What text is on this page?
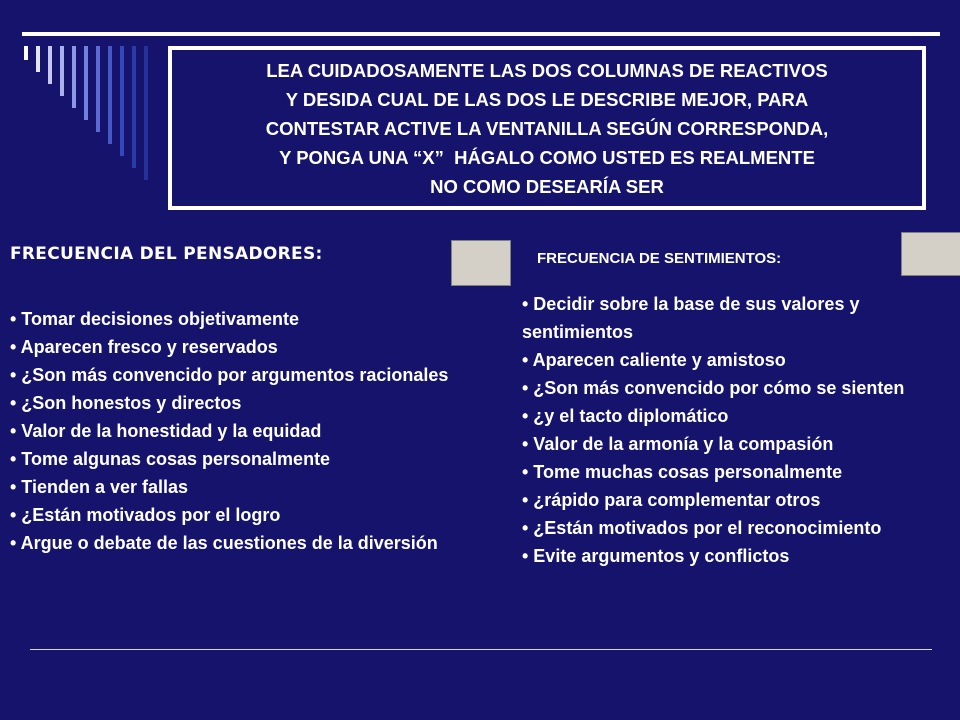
LEA CUIDADOSAMENTE LAS DOS COLUMNAS DE REACTIVOS
Y DESIDA CUAL DE LAS DOS LE DESCRIBE MEJOR, PARA
CONTESTAR ACTIVE LA VENTANILLA SEGÚN CORRESPONDA,
Y PONGA UNA “X”  HÁGALO COMO USTED ES REALMENTE
NO COMO DESEARÍA SER
FRECUENCIA DEL PENSADORES:	FRECUENCIA DE SENTIMIENTOS:

• Tomar decisiones objetivamente

• Aparecen fresco y reservados

• ¿Son más convencido por argumentos racionales

• ¿Son honestos y directos

• Valor de la honestidad y la equidad

• Tome algunas cosas personalmente

• Tienden a ver fallas

• ¿Están motivados por el logro

• Argue o debate de las cuestiones de la diversión

• Decidir sobre la base de sus valores y sentimientos

• Aparecen caliente y amistoso

• ¿Son más convencido por cómo se sienten

• ¿y el tacto diplomático

• Valor de la armonía y la compasión

• Tome muchas cosas personalmente

• ¿rápido para complementar otros

• ¿Están motivados por el reconocimiento

• Evite argumentos y conflictos
